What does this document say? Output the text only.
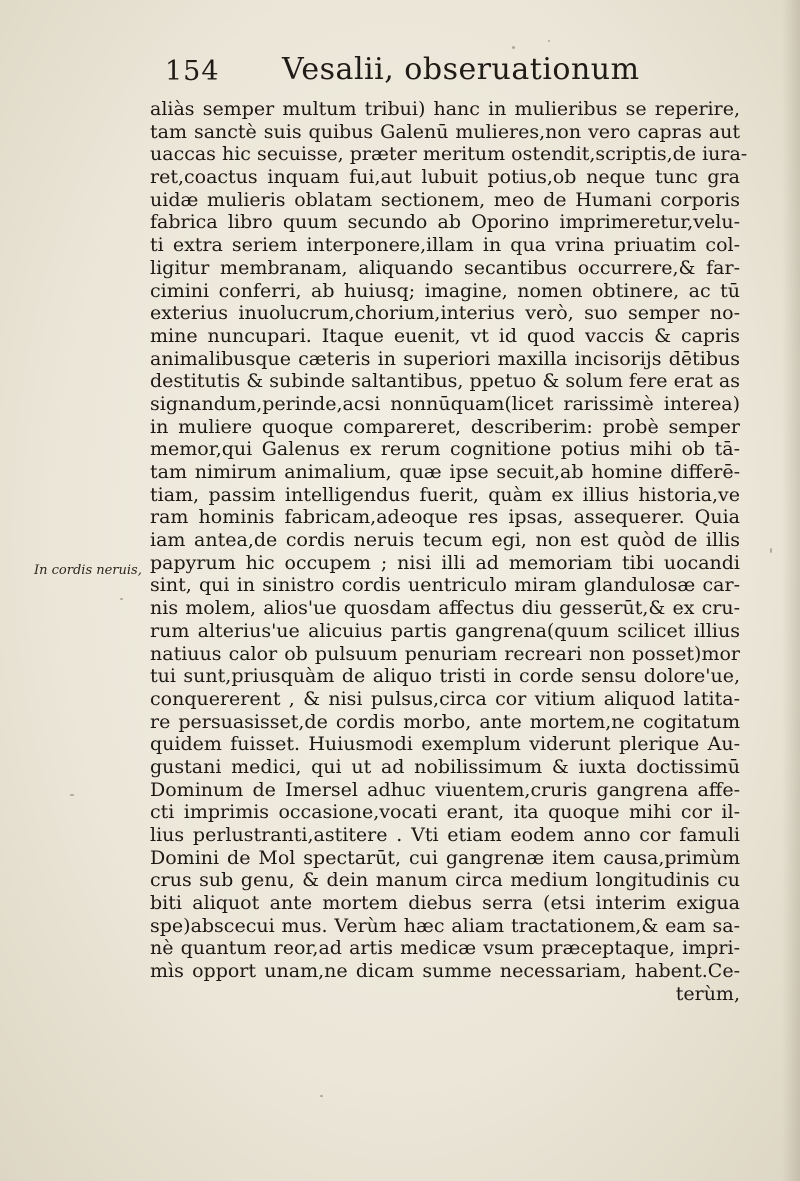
154 Vesalii, obseruationum
In cordis neruis,
aliàs semper multum tribui) hanc in mulieribus se reperire,
tam sanctè suis quibus Galenū mulieres,non vero capras aut
uaccas hic secuisse, præter meritum ostendit,scriptis,de iura-
ret,coactus inquam fui,aut lubuit potius,ob neque tunc gra
uidæ mulieris oblatam sectionem, meo de Humani corporis
fabrica libro quum secundo ab Oporino imprimeretur,velu-
ti extra seriem interponere,illam in qua vrina priuatim col-
ligitur membranam, aliquando secantibus occurrere,& far-
cimini conferri, ab huiusq; imagine, nomen obtinere, ac tū
exterius inuolucrum,chorium,interius verò, suo semper no-
mine nuncupari. Itaque euenit, vt id quod vaccis & capris
animalibusque cæteris in superiori maxilla incisorijs dētibus
destitutis & subinde saltantibus, ppetuo & solum fere erat as
signandum,perinde,acsi nonnūquam(licet rarissimè interea)
in muliere quoque compareret, describerim: probè semper
memor,qui Galenus ex rerum cognitione potius mihi ob tā-
tam nimirum animalium, quæ ipse secuit,ab homine differē-
tiam, passim intelligendus fuerit, quàm ex illius historia,ve
ram hominis fabricam,adeoque res ipsas, assequerer. Quia
iam antea,de cordis neruis tecum egi, non est quòd de illis
papyrum hic occupem ; nisi illi ad memoriam tibi uocandi
sint, qui in sinistro cordis uentriculo miram glandulosæ car-
nis molem, alios'ue quosdam affectus diu gesserūt,& ex cru-
rum alterius'ue alicuius partis gangrena(quum scilicet illius
natiuus calor ob pulsuum penuriam recreari non posset)mor
tui sunt,priusquàm de aliquo tristi in corde sensu dolore'ue,
conquererent , & nisi pulsus,circa cor vitium aliquod latita-
re persuasisset,de cordis morbo, ante mortem,ne cogitatum
quidem fuisset. Huiusmodi exemplum viderunt plerique Au-
gustani medici, qui ut ad nobilissimum & iuxta doctissimū
Dominum de Imersel adhuc viuentem,cruris gangrena affe-
cti imprimis occasione,vocati erant, ita quoque mihi cor il-
lius perlustranti,astitere . Vti etiam eodem anno cor famuli
Domini de Mol spectarūt, cui gangrenæ item causa,primùm
crus sub genu, & dein manum circa medium longitudinis cu
biti aliquot ante mortem diebus serra (etsi interim exigua
spe)abscecui mus. Verùm hæc aliam tractationem,& eam sa-
nè quantum reor,ad artis medicæ vsum præceptaque, impri-
mìs opport unam,ne dicam summe necessariam, habent.Ce-
terùm,
